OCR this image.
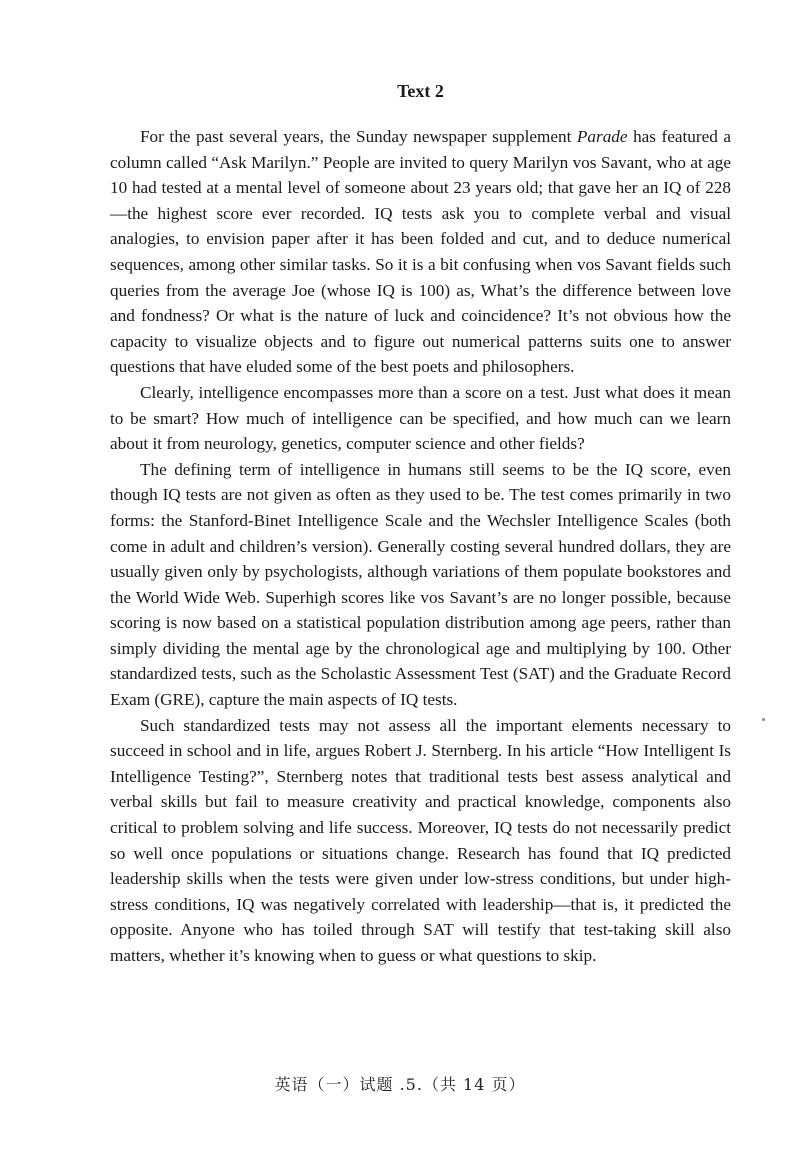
Text 2

For the past several years, the Sunday newspaper supplement Parade has featured a column called “Ask Marilyn.” People are invited to query Marilyn vos Savant, who at age 10 had tested at a mental level of someone about 23 years old; that gave her an IQ of 228—the highest score ever recorded. IQ tests ask you to complete verbal and visual analogies, to envision paper after it has been folded and cut, and to deduce numerical sequences, among other similar tasks. So it is a bit confusing when vos Savant fields such queries from the average Joe (whose IQ is 100) as, What’s the difference between love and fondness? Or what is the nature of luck and coincidence? It’s not obvious how the capacity to visualize objects and to figure out numerical patterns suits one to answer questions that have eluded some of the best poets and philosophers.

Clearly, intelligence encompasses more than a score on a test. Just what does it mean to be smart? How much of intelligence can be specified, and how much can we learn about it from neurology, genetics, computer science and other fields?

The defining term of intelligence in humans still seems to be the IQ score, even though IQ tests are not given as often as they used to be. The test comes primarily in two forms: the Stanford-Binet Intelligence Scale and the Wechsler Intelligence Scales (both come in adult and children’s version). Generally costing several hundred dollars, they are usually given only by psychologists, although variations of them populate bookstores and the World Wide Web. Superhigh scores like vos Savant’s are no longer possible, because scoring is now based on a statistical population distribution among age peers, rather than simply dividing the mental age by the chronological age and multiplying by 100. Other standardized tests, such as the Scholastic Assessment Test (SAT) and the Graduate Record Exam (GRE), capture the main aspects of IQ tests.

Such standardized tests may not assess all the important elements necessary to succeed in school and in life, argues Robert J. Sternberg. In his article “How Intelligent Is Intelligence Testing?”, Sternberg notes that traditional tests best assess analytical and verbal skills but fail to measure creativity and practical knowledge, components also critical to problem solving and life success. Moreover, IQ tests do not necessarily predict so well once populations or situations change. Research has found that IQ predicted leadership skills when the tests were given under low-stress conditions, but under high-stress conditions, IQ was negatively correlated with leadership—that is, it predicted the opposite. Anyone who has toiled through SAT will testify that test-taking skill also matters, whether it’s knowing when to guess or what questions to skip.

英语（一）试题 .5.（共 14 页）
